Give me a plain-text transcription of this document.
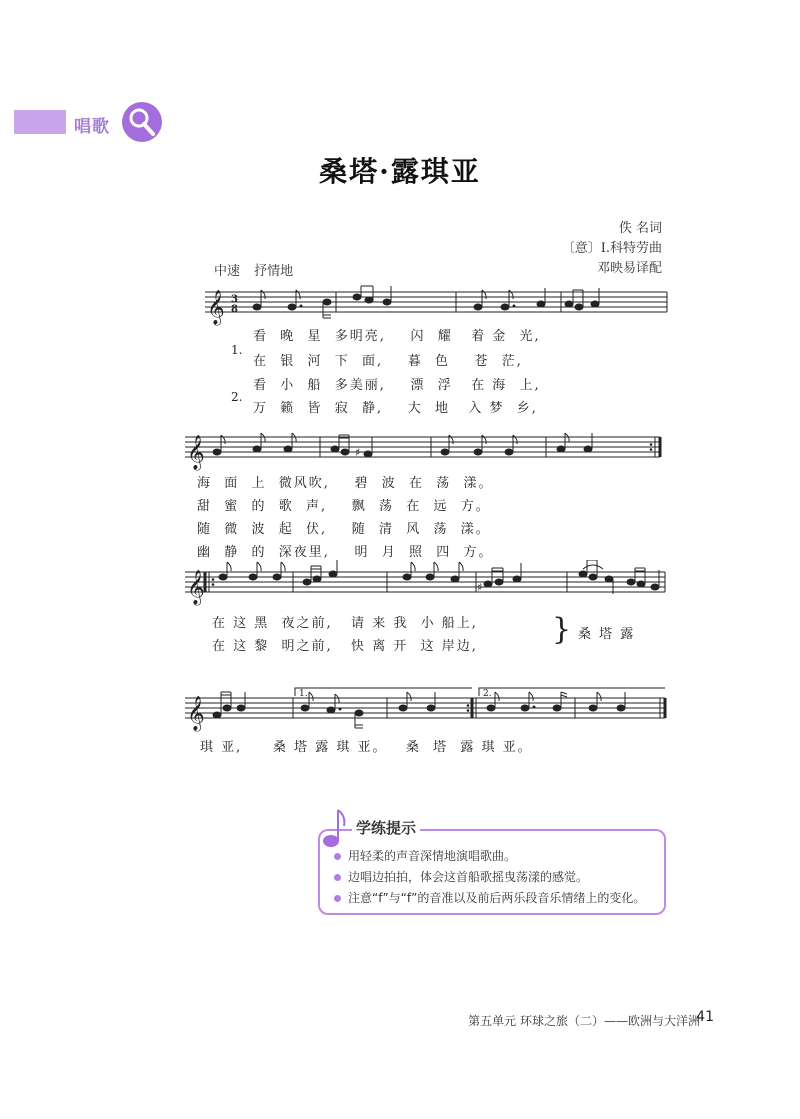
唱歌
桑塔·露琪亚
佚 名词
〔意〕I.科特劳曲
邓映易译配
中速 抒情地
𝄞 3
8
1.
2.
看  晚  星  多明亮,    闪  耀   着 金  光,
在  银  河  下  面,    暮  色    苍  茫,
看  小  船  多美丽,    漂  浮   在 海  上,
万  籁  皆  寂  静,    大  地   入 梦  乡,
𝄞	♯
海  面  上  微风吹,    碧  波  在  荡  漾。
甜  蜜  的  歌  声,    飘  荡  在  远  方。
随  微  波  起  伏,    随  清  风  荡  漾。
幽  静  的  深夜里,    明  月  照  四  方。
𝄞	♯
在 这 黑  夜之前,   请 来 我  小 船上,
在 这 黎  明之前,   快 离 开  这 岸边, } 桑 塔 露
1.	2.
𝄞
琪 亚,     桑 塔 露 琪 亚。   桑  塔  露 琪 亚。
学练提示
用轻柔的声音深情地演唱歌曲。
边唱边拍拍，体会这首船歌摇曳荡漾的感觉。
注意“f”与“f”的音准以及前后两乐段音乐情绪上的变化。
第五单元 环球之旅（二）——欧洲与大洋洲
41
